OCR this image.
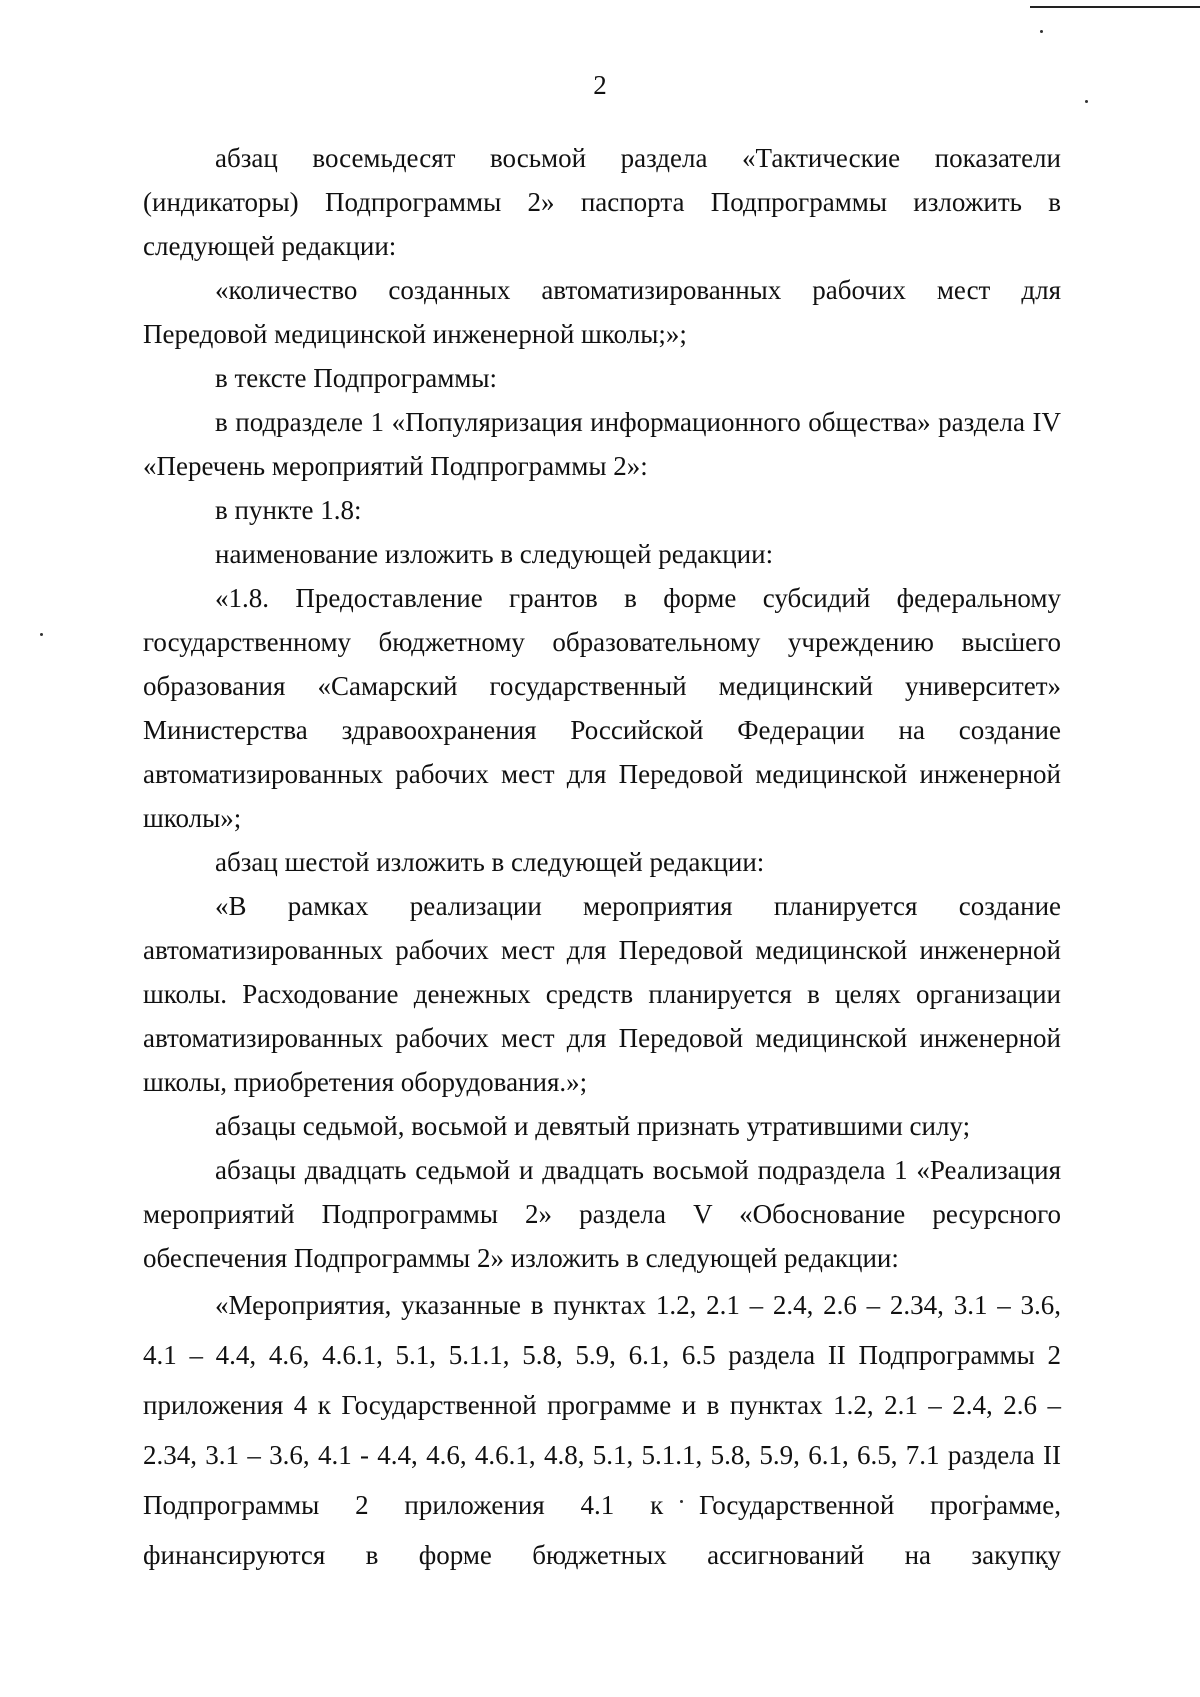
2

абзац восемьдесят восьмой раздела «Тактические показатели (индикаторы) Подпрограммы 2» паспорта Подпрограммы изложить в следующей редакции:

«количество созданных автоматизированных рабочих мест для Передовой медицинской инженерной школы;»;

в тексте Подпрограммы:

в подразделе 1 «Популяризация информационного общества» раздела IV «Перечень мероприятий Подпрограммы 2»:

в пункте 1.8:

наименование изложить в следующей редакции:

«1.8. Предоставление грантов в форме субсидий федеральному государственному бюджетному образовательному учреждению высшего образования «Самарский государственный медицинский университет» Министерства здравоохранения Российской Федерации на создание автоматизированных рабочих мест для Передовой медицинской инженерной школы»;

абзац шестой изложить в следующей редакции:

«В рамках реализации мероприятия планируется создание автоматизированных рабочих мест для Передовой медицинской инженерной школы. Расходование денежных средств планируется в целях организации автоматизированных рабочих мест для Передовой медицинской инженерной школы, приобретения оборудования.»;

абзацы седьмой, восьмой и девятый признать утратившими силу;

абзацы двадцать седьмой и двадцать восьмой подраздела 1 «Реализация мероприятий Подпрограммы 2» раздела V «Обоснование ресурсного обеспечения Подпрограммы 2» изложить в следующей редакции:

«Мероприятия, указанные в пунктах 1.2, 2.1 – 2.4, 2.6 – 2.34, 3.1 – 3.6, 4.1 – 4.4, 4.6, 4.6.1, 5.1, 5.1.1, 5.8, 5.9, 6.1, 6.5 раздела II Подпрограммы 2 приложения 4 к Государственной программе и в пунктах 1.2, 2.1 – 2.4, 2.6 – 2.34, 3.1 – 3.6, 4.1 - 4.4, 4.6, 4.6.1, 4.8, 5.1, 5.1.1, 5.8, 5.9, 6.1, 6.5, 7.1 раздела II Подпрограммы 2 приложения 4.1 к Государственной программе, финансируются в форме бюджетных ассигнований на закупку
